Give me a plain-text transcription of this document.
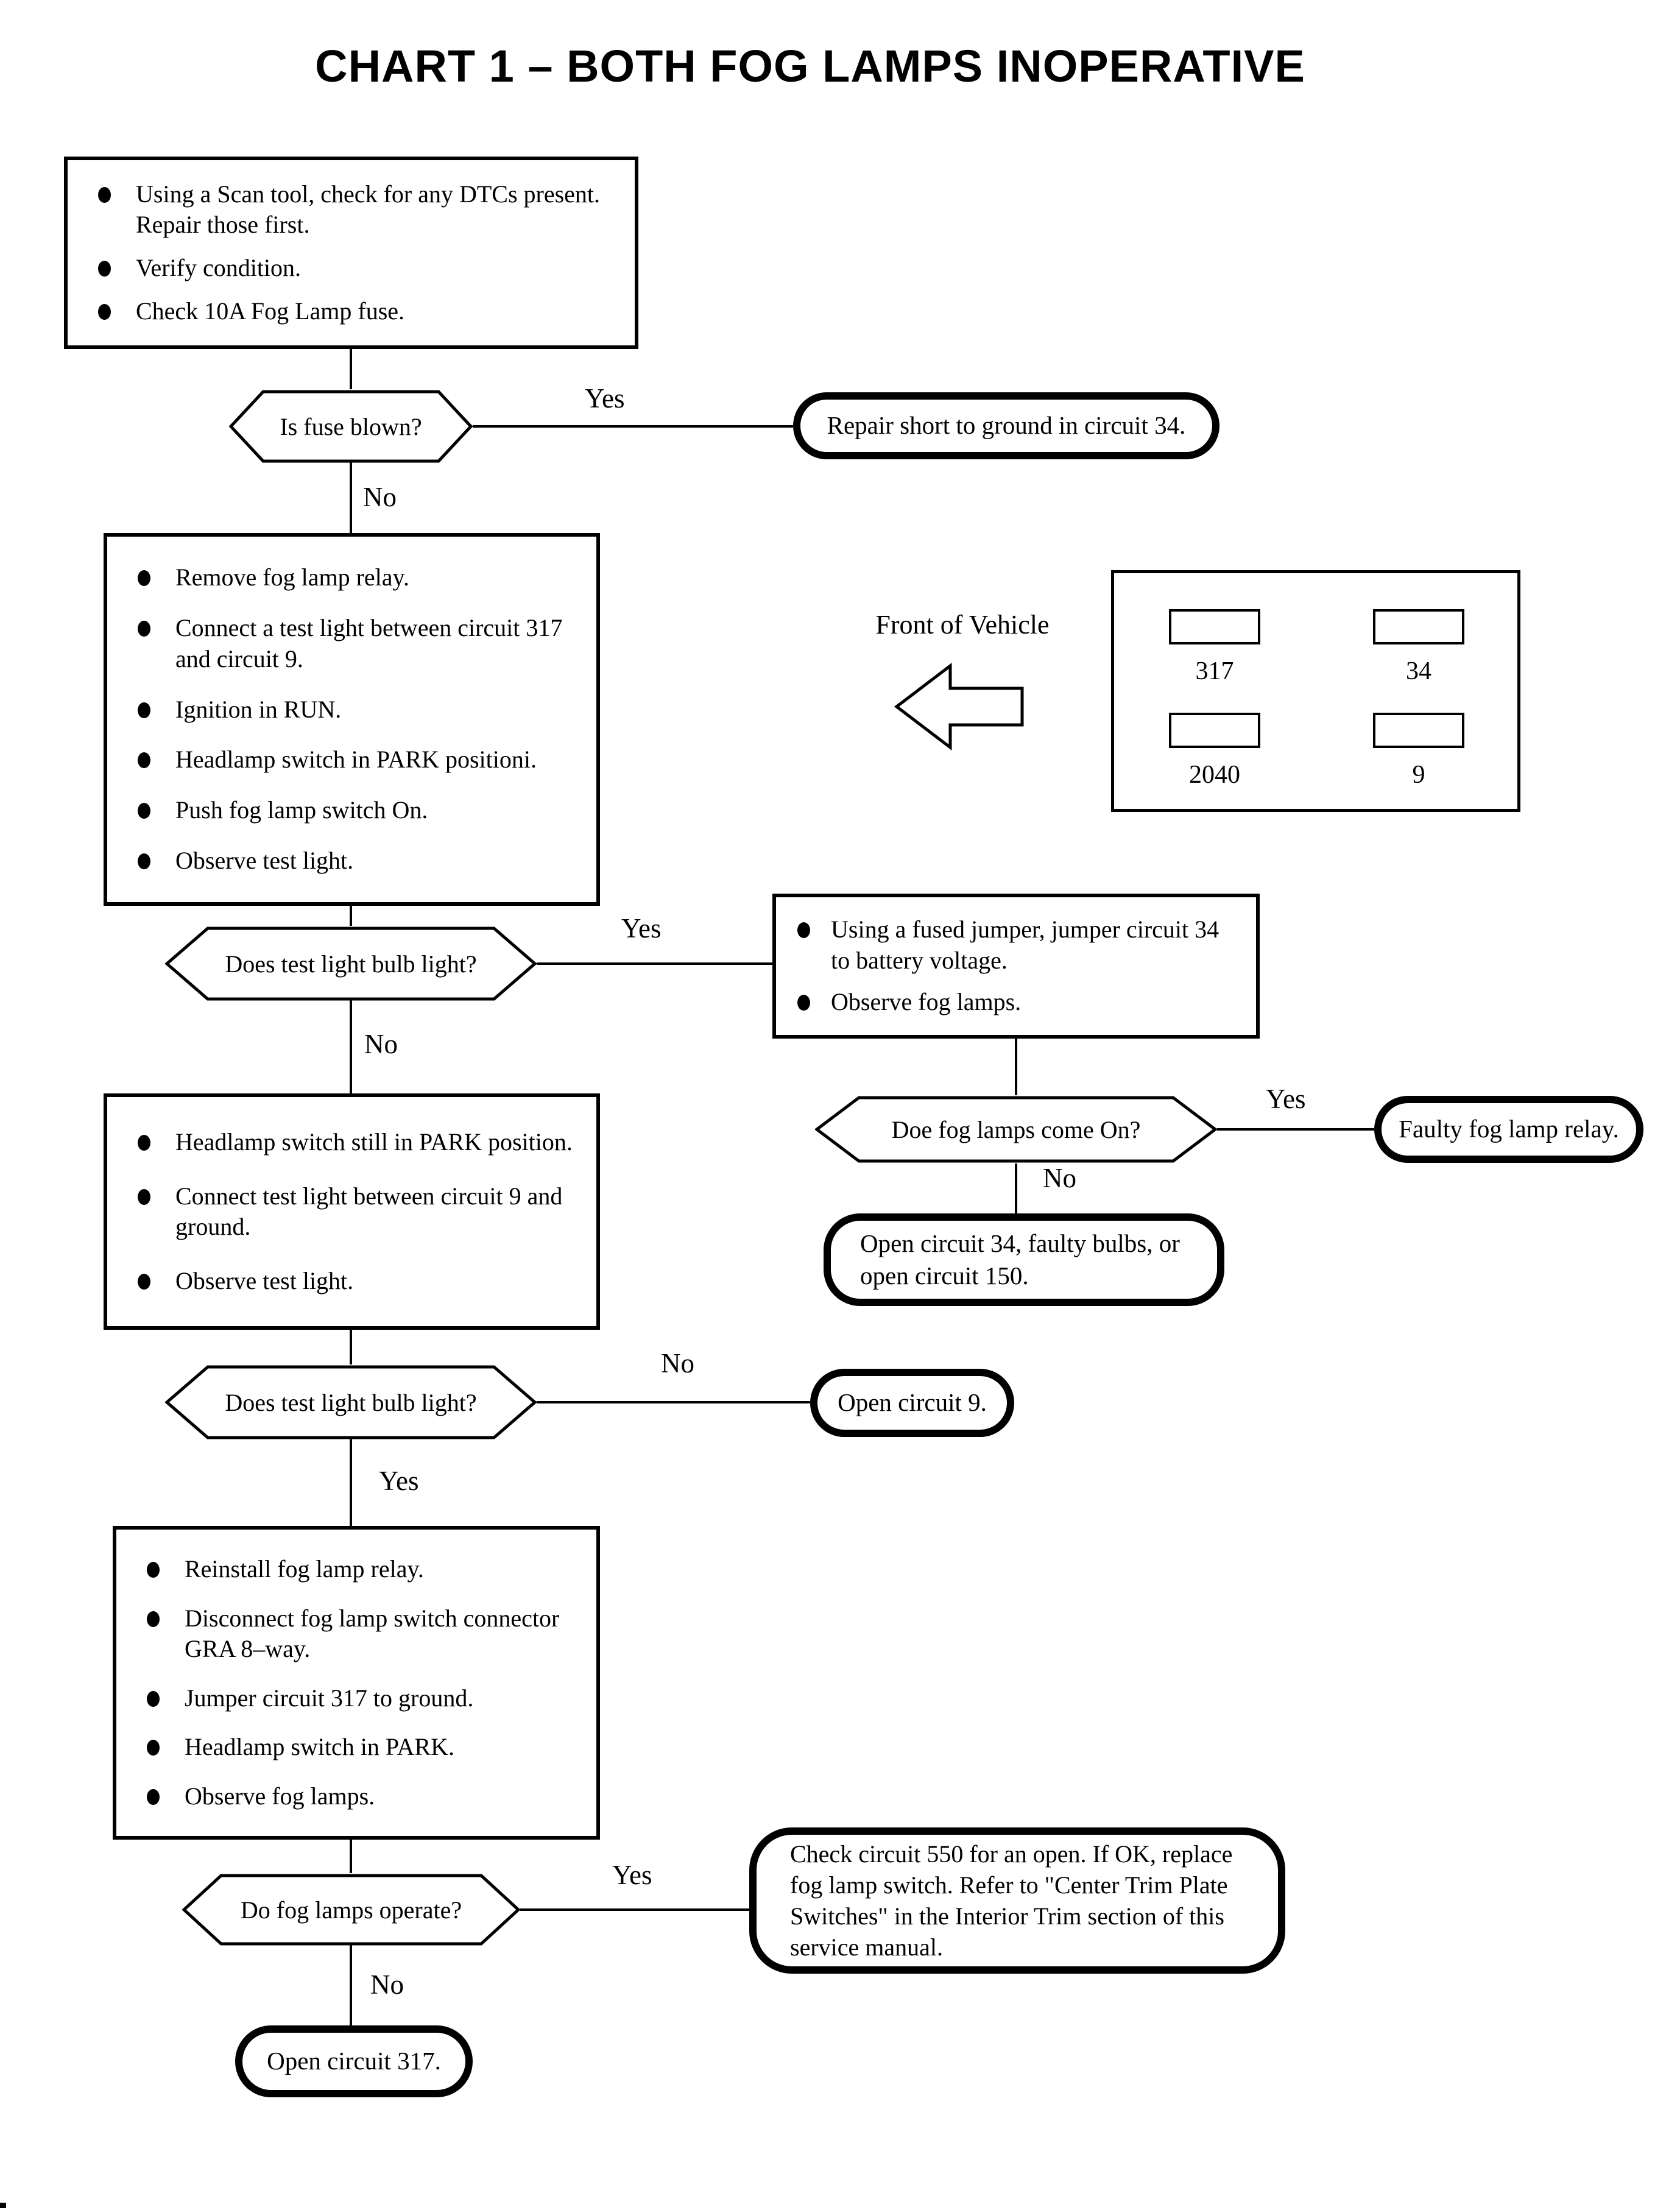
CHART 1 – BOTH FOG LAMPS INOPERATIVE
Using a Scan tool, check for any DTCs present. Repair those first.
Verify condition.
Check 10A Fog Lamp fuse.
Is fuse blown?
Yes
Repair short to ground in circuit 34.
No
Remove fog lamp relay.
Connect a test light between circuit 317 and circuit 9.
Ignition in RUN.
Headlamp switch in PARK positioni.
Push fog lamp switch On.
Observe test light.
Front of Vehicle
317	34
2040	9
Does test light bulb light?
Yes	Using a fused jumper, jumper circuit 34 to battery voltage.
Observe fog lamps.
Doe fog lamps come On?
Yes
Faulty fog lamp relay.
No
Open circuit 34, faulty bulbs, or open circuit 150.
No
Headlamp switch still in PARK position.
Connect test light between circuit 9 and ground.
Observe test light.
Does test light bulb light?
No
Open circuit 9.
Yes
Reinstall fog lamp relay.
Disconnect fog lamp switch connector GRA 8–way.
Jumper circuit 317 to ground.
Headlamp switch in PARK.
Observe fog lamps.
Do fog lamps operate?
Yes
Check circuit 550 for an open. If OK, replace fog lamp switch. Refer to "Center Trim Plate Switches" in the Interior Trim section of this service manual.
No
Open circuit 317.
